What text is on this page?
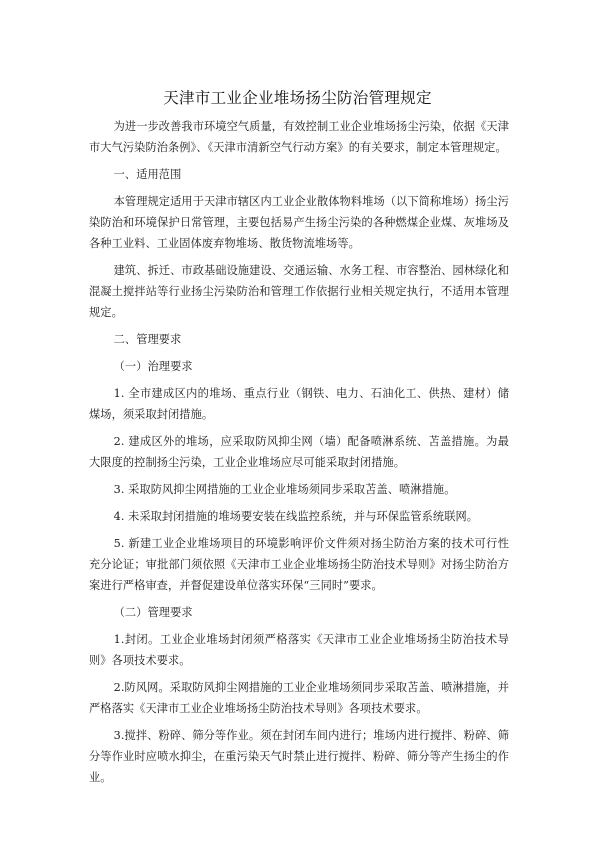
天津市工业企业堆场扬尘防治管理规定

为进一步改善我市环境空气质量，有效控制工业企业堆场扬尘污染，依据《天津市大气污染防治条例》、《天津市清新空气行动方案》的有关要求，制定本管理规定。

一、适用范围

本管理规定适用于天津市辖区内工业企业散体物料堆场（以下简称堆场）扬尘污染防治和环境保护日常管理，主要包括易产生扬尘污染的各种燃煤企业煤、灰堆场及各种工业料、工业固体废弃物堆场、散货物流堆场等。

建筑、拆迁、市政基础设施建设、交通运输、水务工程、市容整治、园林绿化和混凝土搅拌站等行业扬尘污染防治和管理工作依据行业相关规定执行，不适用本管理规定。

二、管理要求

（一）治理要求

1. 全市建成区内的堆场、重点行业（钢铁、电力、石油化工、供热、建材）储煤场，须采取封闭措施。

2. 建成区外的堆场，应采取防风抑尘网（墙）配备喷淋系统、苫盖措施。为最大限度的控制扬尘污染，工业企业堆场应尽可能采取封闭措施。

3. 采取防风抑尘网措施的工业企业堆场须同步采取苫盖、喷淋措施。

4. 未采取封闭措施的堆场要安装在线监控系统，并与环保监管系统联网。

5. 新建工业企业堆场项目的环境影响评价文件须对扬尘防治方案的技术可行性充分论证；审批部门须依照《天津市工业企业堆场扬尘防治技术导则》对扬尘防治方案进行严格审查，并督促建设单位落实环保“三同时”要求。

（二）管理要求

1.封闭。工业企业堆场封闭须严格落实《天津市工业企业堆场扬尘防治技术导则》各项技术要求。

2.防风网。采取防风抑尘网措施的工业企业堆场须同步采取苫盖、喷淋措施，并严格落实《天津市工业企业堆场扬尘防治技术导则》各项技术要求。

3.搅拌、粉碎、筛分等作业。须在封闭车间内进行；堆场内进行搅拌、粉碎、筛分等作业时应喷水抑尘，在重污染天气时禁止进行搅拌、粉碎、筛分等产生扬尘的作业。
